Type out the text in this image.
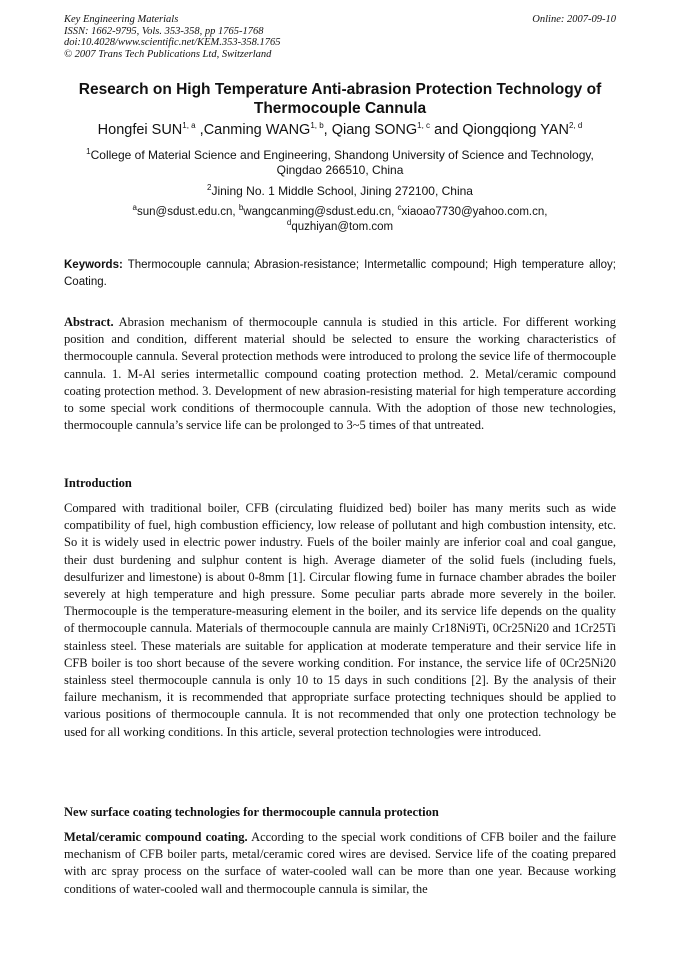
Key Engineering Materials
ISSN: 1662-9795, Vols. 353-358, pp 1765-1768
doi:10.4028/www.scientific.net/KEM.353-358.1765
© 2007 Trans Tech Publications Ltd, Switzerland
Online: 2007-09-10
Research on High Temperature Anti-abrasion Protection Technology of Thermocouple Cannula
Hongfei SUN$^{1, a}$ ,Canming WANG$^{1, b}$, Qiang SONG$^{1, c}$ and Qiongqiong YAN$^{2, d}$
$^1$College of Material Science and Engineering, Shandong University of Science and Technology, Qingdao 266510, China
$^2$Jining No. 1 Middle School, Jining 272100, China
$^a$sun@sdust.edu.cn, $^b$wangcanming@sdust.edu.cn, $^c$xiaoao7730@yahoo.com.cn,
$^d$quzhiyan@tom.com
Keywords: Thermocouple cannula; Abrasion-resistance; Intermetallic compound; High temperature alloy; Coating.
Abstract. Abrasion mechanism of thermocouple cannula is studied in this article. For different working position and condition, different material should be selected to ensure the working characteristics of thermocouple cannula. Several protection methods were introduced to prolong the sevice life of thermocouple cannula. 1. M-Al series intermetallic compound coating protection method. 2. Metal/ceramic compound coating protection method. 3. Development of new abrasion-resisting material for high temperature according to some special work conditions of thermocouple cannula. With the adoption of those new technologies, thermocouple cannula’s service life can be prolonged to 3~5 times of that untreated.
Introduction
Compared with traditional boiler, CFB (circulating fluidized bed) boiler has many merits such as wide compatibility of fuel, high combustion efficiency, low release of pollutant and high combustion intensity, etc. So it is widely used in electric power industry. Fuels of the boiler mainly are inferior coal and coal gangue, their dust burdening and sulphur content is high. Average diameter of the solid fuels (including fuels, desulfurizer and limestone) is about 0-8mm [1]. Circular flowing fume in furnace chamber abrades the boiler severely at high temperature and high pressure. Some peculiar parts abrade more severely in the boiler. Thermocouple is the temperature-measuring element in the boiler, and its service life depends on the quality of thermocouple cannula. Materials of thermocouple cannula are mainly Cr18Ni9Ti, 0Cr25Ni20 and 1Cr25Ti stainless steel. These materials are suitable for application at moderate temperature and their service life in CFB boiler is too short because of the severe working condition. For instance, the service life of 0Cr25Ni20 stainless steel thermocouple cannula is only 10 to 15 days in such conditions [2]. By the analysis of their failure mechanism, it is recommended that appropriate surface protecting techniques should be applied to various positions of thermocouple cannula. It is not recommended that only one protection technology be used for all working conditions. In this article, several protection technologies were introduced.
New surface coating technologies for thermocouple cannula protection
Metal/ceramic compound coating. According to the special work conditions of CFB boiler and the failure mechanism of CFB boiler parts, metal/ceramic cored wires are devised. Service life of the coating prepared with arc spray process on the surface of water-cooled wall can be more than one year. Because working conditions of water-cooled wall and thermocouple cannula is similar, the
